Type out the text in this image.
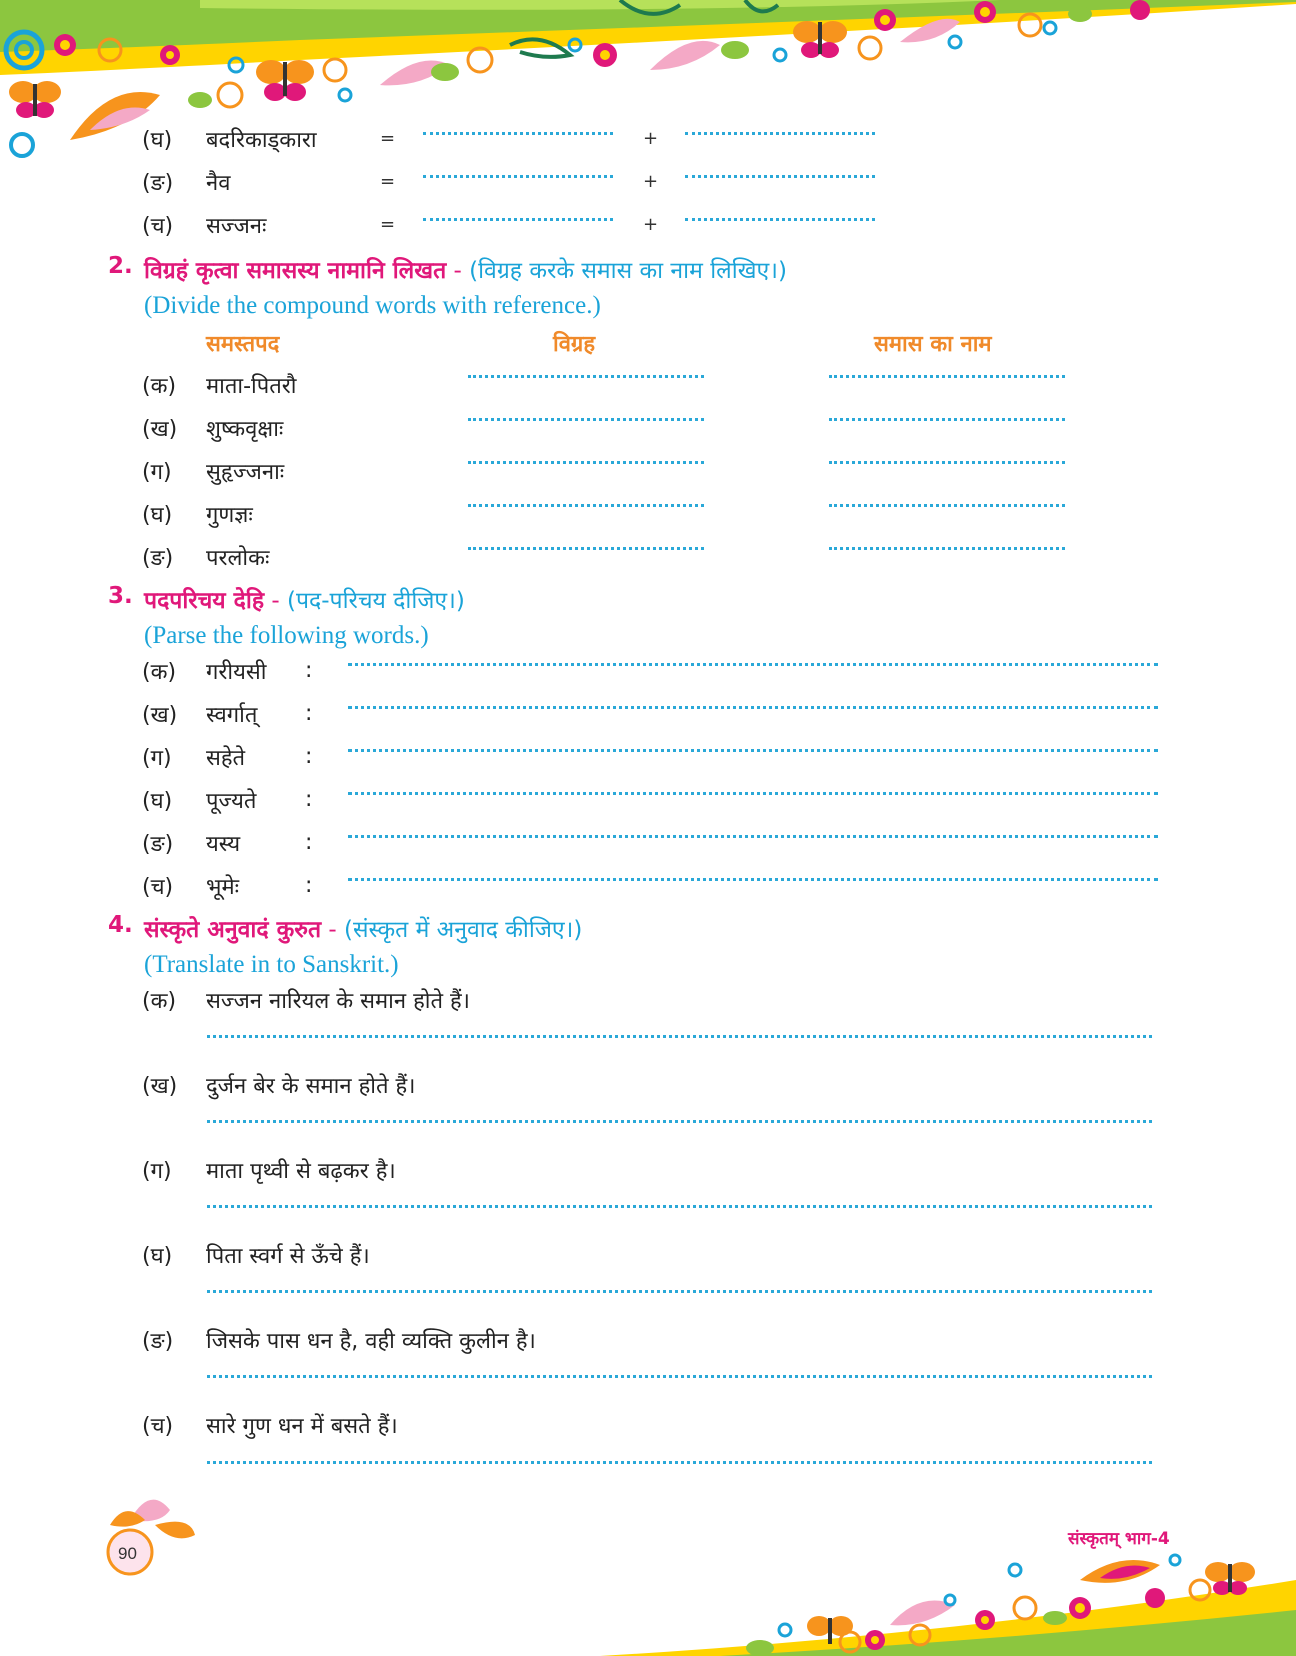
(घ) बदरिकाड्कारा	=	+
(ङ) नैव	=	+
(च) सज्जनः	=	+
2. विग्रहं कृत्वा समासस्य नामानि लिखत - (विग्रह करके समास का नाम लिखिए।)
(Divide the compound words with reference.)
समस्तपद	विग्रह	समास का नाम
(क) माता-पितरौ
(ख) शुष्कवृक्षाः
(ग) सुहृज्जनाः
(घ) गुणज्ञः
(ङ) परलोकः
3. पदपरिचय देहि - (पद-परिचय दीजिए।)
(Parse the following words.)
(क) गरीयसी :
(ख) स्वर्गात् :
(ग) सहेते	:
(घ) पूज्यते :
(ङ) यस्य	:
(च) भूमेः	:
4. संस्कृते अनुवादं कुरुत - (संस्कृत में अनुवाद कीजिए।)
(Translate in to Sanskrit.)
(क) सज्जन नारियल के समान होते हैं।
(ख) दुर्जन बेर के समान होते हैं।
(ग) माता पृथ्वी से बढ़कर है।
(घ) पिता स्वर्ग से ऊँचे हैं।
(ङ) जिसके पास धन है, वही व्यक्ति कुलीन है।
(च) सारे गुण धन में बसते हैं।
90
संस्कृतम् भाग-4
